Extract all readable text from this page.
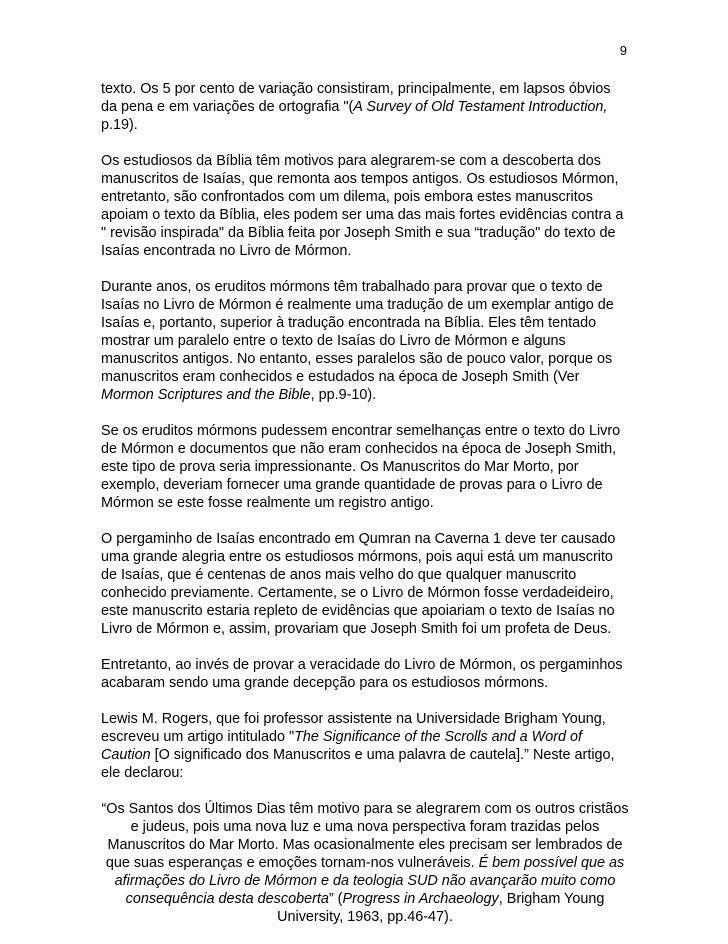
9

texto. Os 5 por cento de variação consistiram, principalmente, em lapsos óbvios da pena e em variações de ortografia "(A Survey of Old Testament Introduction, p.19).

Os estudiosos da Bíblia têm motivos para alegrarem-se com a descoberta dos manuscritos de Isaías, que remonta aos tempos antigos. Os estudiosos Mórmon, entretanto, são confrontados com um dilema, pois embora estes manuscritos apoiam o texto da Bíblia, eles podem ser uma das mais fortes evidências contra a " revisão inspirada" da Bíblia feita por Joseph Smith e sua “tradução" do texto de Isaías encontrada no Livro de Mórmon.

Durante anos, os eruditos mórmons têm trabalhado para provar que o texto de Isaías no Livro de Mórmon é realmente uma tradução de um exemplar antigo de Isaías e, portanto, superior à tradução encontrada na Bíblia. Eles têm tentado mostrar um paralelo entre o texto de Isaías do Livro de Mórmon e alguns manuscritos antigos. No entanto, esses paralelos são de pouco valor, porque os manuscritos eram conhecidos e estudados na época de Joseph Smith (Ver Mormon Scriptures and the Bible, pp.9-10).

Se os eruditos mórmons pudessem encontrar semelhanças entre o texto do Livro de Mórmon e documentos que não eram conhecidos na época de Joseph Smith, este tipo de prova seria impressionante. Os Manuscritos do Mar Morto, por exemplo, deveriam fornecer uma grande quantidade de provas para o Livro de Mórmon se este fosse realmente um registro antigo.

O pergaminho de Isaías encontrado em Qumran na Caverna 1 deve ter causado uma grande alegria entre os estudiosos mórmons, pois aqui está um manuscrito de Isaías, que é centenas de anos mais velho do que qualquer manuscrito conhecido previamente. Certamente, se o Livro de Mórmon fosse verdadeideiro, este manuscrito estaria repleto de evidências que apoiariam o texto de Isaías no Livro de Mórmon e, assim, provariam que Joseph Smith foi um profeta de Deus.

Entretanto, ao invés de provar a veracidade do Livro de Mórmon, os pergaminhos acabaram sendo uma grande decepção para os estudiosos mórmons.

Lewis M. Rogers, que foi professor assistente na Universidade Brigham Young, escreveu um artigo intitulado "The Significance of the Scrolls and a Word of Caution [O significado dos Manuscritos e uma palavra de cautela].” Neste artigo, ele declarou:

“Os Santos dos Últimos Dias têm motivo para se alegrarem com os outros cristãos e judeus, pois uma nova luz e uma nova perspectiva foram trazidas pelos Manuscritos do Mar Morto. Mas ocasionalmente eles precisam ser lembrados de que suas esperanças e emoções tornam-nos vulneráveis. É bem possível que as afirmações do Livro de Mórmon e da teologia SUD não avançarão muito como consequência desta descoberta” (Progress in Archaeology, Brigham Young University, 1963, pp.46-47).
